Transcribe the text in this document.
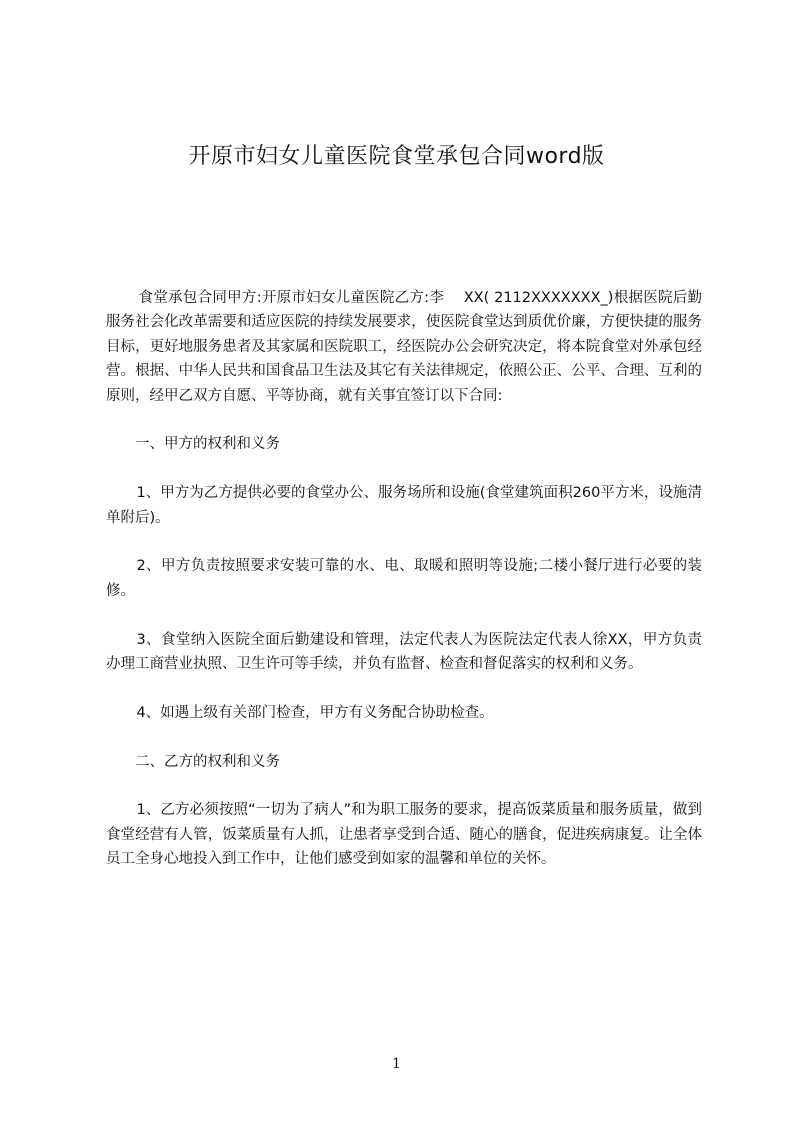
开原市妇女儿童医院食堂承包合同word版

食堂承包合同甲方:开原市妇女儿童医院乙方:李　 XX( 2112XXXXXXX_)根据医院后勤服务社会化改革需要和适应医院的持续发展要求，使医院食堂达到质优价廉，方便快捷的服务目标，更好地服务患者及其家属和医院职工，经医院办公会研究决定，将本院食堂对外承包经营。根据、中华人民共和国食品卫生法及其它有关法律规定，依照公正、公平、合理、互利的原则，经甲乙双方自愿、平等协商，就有关事宜签订以下合同:

一、甲方的权利和义务

1、甲方为乙方提供必要的食堂办公、服务场所和设施(食堂建筑面积260平方米，设施清单附后)。

2、甲方负责按照要求安装可靠的水、电、取暖和照明等设施;二楼小餐厅进行必要的装修。

3、食堂纳入医院全面后勤建设和管理，法定代表人为医院法定代表人徐XX，甲方负责办理工商营业执照、卫生许可等手续，并负有监督、检查和督促落实的权利和义务。

4、如遇上级有关部门检查，甲方有义务配合协助检查。

二、乙方的权利和义务

1、乙方必须按照“一切为了病人”和为职工服务的要求，提高饭菜质量和服务质量，做到食堂经营有人管，饭菜质量有人抓，让患者享受到合适、随心的膳食，促进疾病康复。让全体员工全身心地投入到工作中，让他们感受到如家的温馨和单位的关怀。

1
